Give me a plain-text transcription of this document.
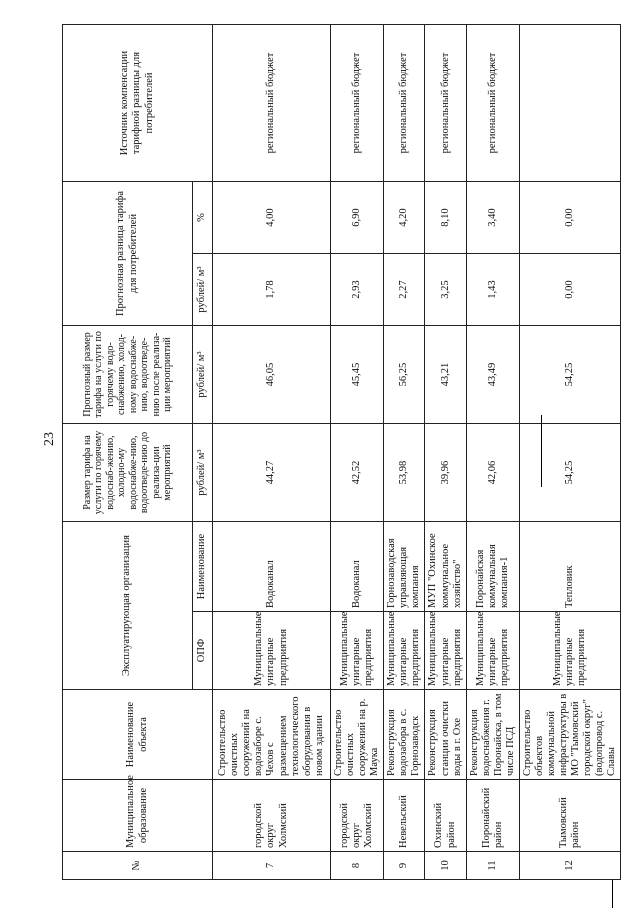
23
№	Муниципальное образование	Наименование объекта	Эксплуатирующая организация		Размер тарифа на услуги по горячему водоснаб-жению, холодно-му водоснабже-нию, водоотведе-нию до реализа-ции мероприятий	Прогнозный размер тарифа на услуги по горячему водо-снабжению, холод-ному водоснабже-нию, водоотведе-нию после реализа-ции мероприятий	Прогнозная разница тарифа для потребителей		Источник компенсации тарифной разницы для потребителей
			ОПФ	Наименование	рублей/ м³	рублей/ м³	рублей/ м³	%	
7	городской округ Холмский	Строительство очистных сооружений на водозаборе с. Чехов с размещением технологического оборудования в новом здании	Муниципальные унитарные предприятия	Водоканал	44,27	46,05	1,78	4,00	региональный бюджет
8	городской округ Холмский	Строительство очистных сооружений на р. Маука	Муниципальные унитарные предприятия	Водоканал	42,52	45,45	2,93	6,90	региональный бюджет
9	Невельский	Реконструкция водозабора в с. Горнозаводск	Муниципальные унитарные предприятия	Горнозаводская управляющая компания	53,98	56,25	2,27	4,20	региональный бюджет
10	Охинский район	Реконструкция станции очистки воды в г. Охе	Муниципальные унитарные предприятия	МУП "Охинское коммунальное хозяйство"	39,96	43,21	3,25	8,10	региональный бюджет
11	Поронайский район	Реконструкция водоснабжения г. Поронайска, в том числе ПСД	Муниципальные унитарные предприятия	Поронайская коммунальная компания-1	42,06	43,49	1,43	3,40	региональный бюджет
12	Тымовский район	Строительство объектов коммунальной инфраструктуры в МО "Тымовский городской округ" (водопровод с. Славы	Муниципальные унитарные предприятия	Тепловик	54,25	54,25	0,00	0,00	
